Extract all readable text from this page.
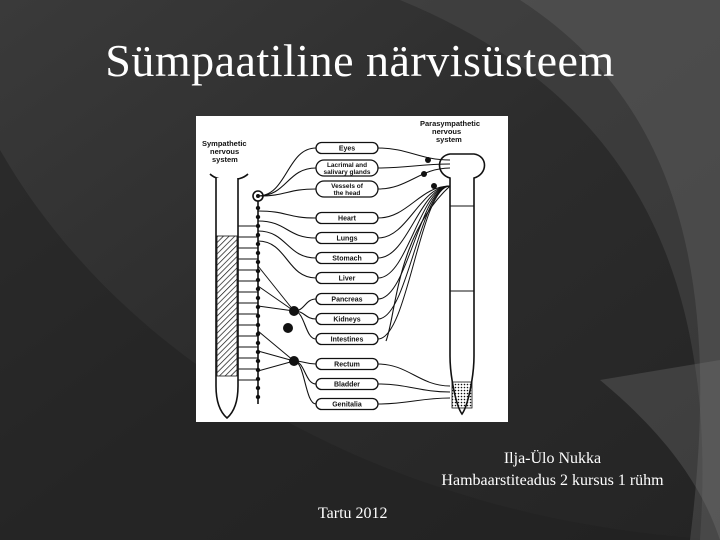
Sümpaatiline närvisüsteem
Sympathetic
nervous
system
Parasympathetic
nervous
system
Eyes
Lacrimal and
salivary glands
Vessels of
the head
Heart
Lungs
Stomach
Liver
Pancreas
Kidneys
Intestines
Rectum
Bladder
Genitalia
Ilja-Ülo Nukka
Hambaarstiteadus 2 kursus 1 rühm
Tartu 2012
